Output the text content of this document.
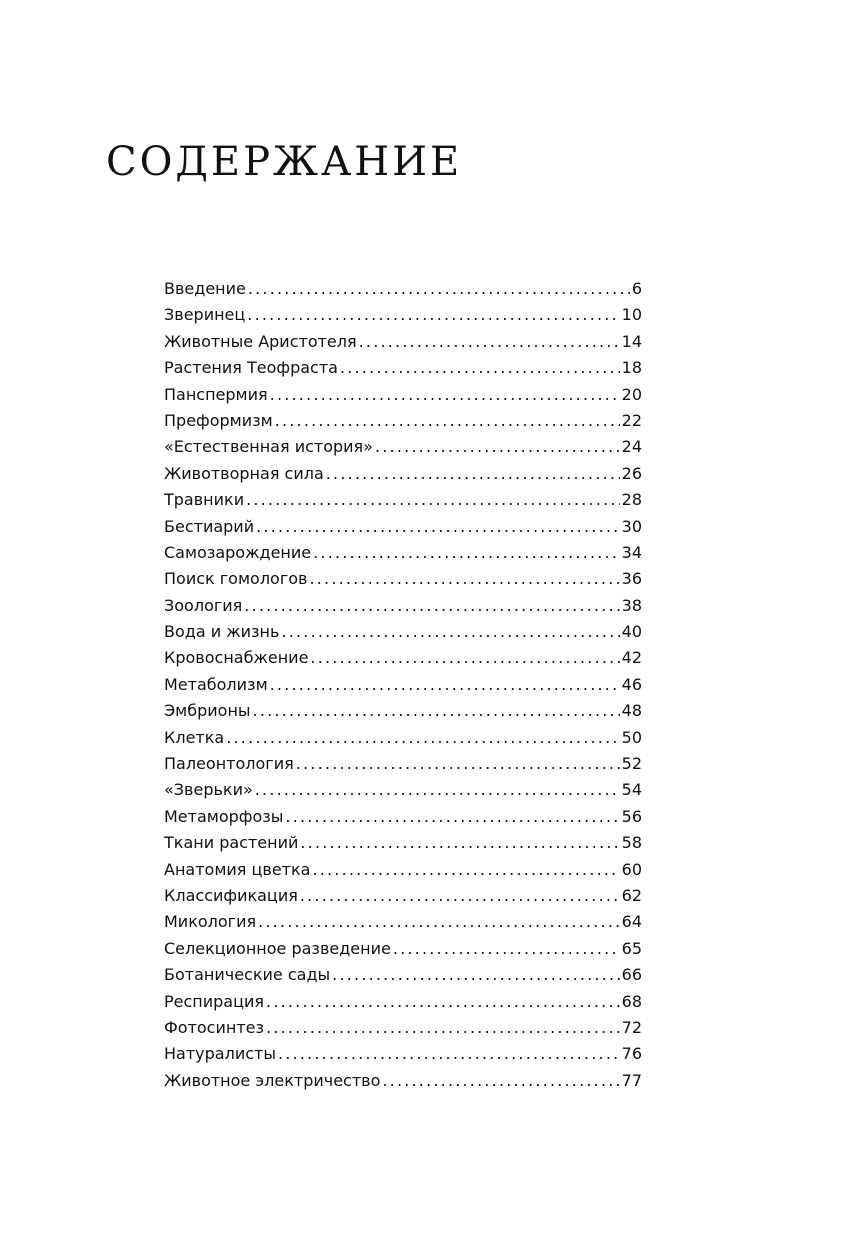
СОДЕРЖАНИЕ
Введение .....	6
Зверинец .....	10
Животные Аристотеля .....	14
Растения Теофраста .....	18
Панспермия .....	20
Преформизм .....	22
«Естественная история» .....	24
Животворная сила .....	26
Травники .....	28
Бестиарий .....	30
Самозарождение .....	34
Поиск гомологов .....	36
Зоология .....	38
Вода и жизнь .....	40
Кровоснабжение .....	42
Метаболизм .....	46
Эмбрионы .....	48
Клетка .....	50
Палеонтология .....	52
«Зверьки» .....	54
Метаморфозы .....	56
Ткани растений .....	58
Анатомия цветка .....	60
Классификация .....	62
Микология .....	64
Селекционное разведение .....	65
Ботанические сады .....	66
Респирация .....	68
Фотосинтез .....	72
Натуралисты .....	76
Животное электричество .....	77
